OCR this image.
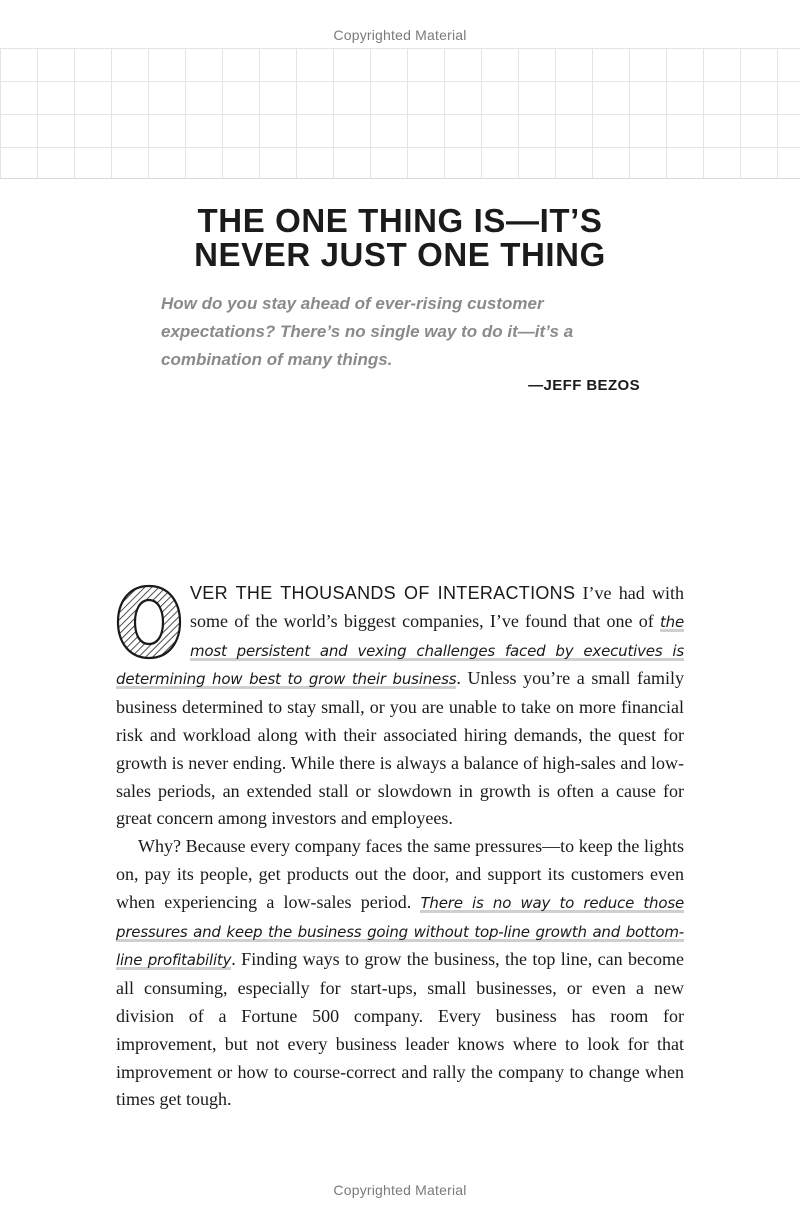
Copyrighted Material
THE ONE THING IS—IT’S
NEVER JUST ONE THING

How do you stay ahead of ever-rising customer expectations? There’s no single way to do it—it’s a combination of many things.

—JEFF BEZOS

VER THE THOUSANDS OF INTERACTIONS I’ve had with some of the world’s biggest companies, I’ve found that one of the most persistent and vexing challenges faced by executives is determining how best to grow their business. Unless you’re a small family business determined to stay small, or you are unable to take on more financial risk and workload along with their associated hiring demands, the quest for growth is never ending. While there is always a balance of high-sales and low-sales periods, an extended stall or slowdown in growth is often a cause for great concern among investors and employees.

Why? Because every company faces the same pressures—to keep the lights on, pay its people, get products out the door, and support its customers even when experiencing a low-sales period. There is no way to reduce those pressures and keep the business going without top-line growth and bottom-line profitability. Finding ways to grow the business, the top line, can become all consuming, especially for start-ups, small businesses, or even a new division of a Fortune 500 company. Every business has room for improvement, but not every business leader knows where to look for that improvement or how to course-correct and rally the company to change when times get tough.

Copyrighted Material
